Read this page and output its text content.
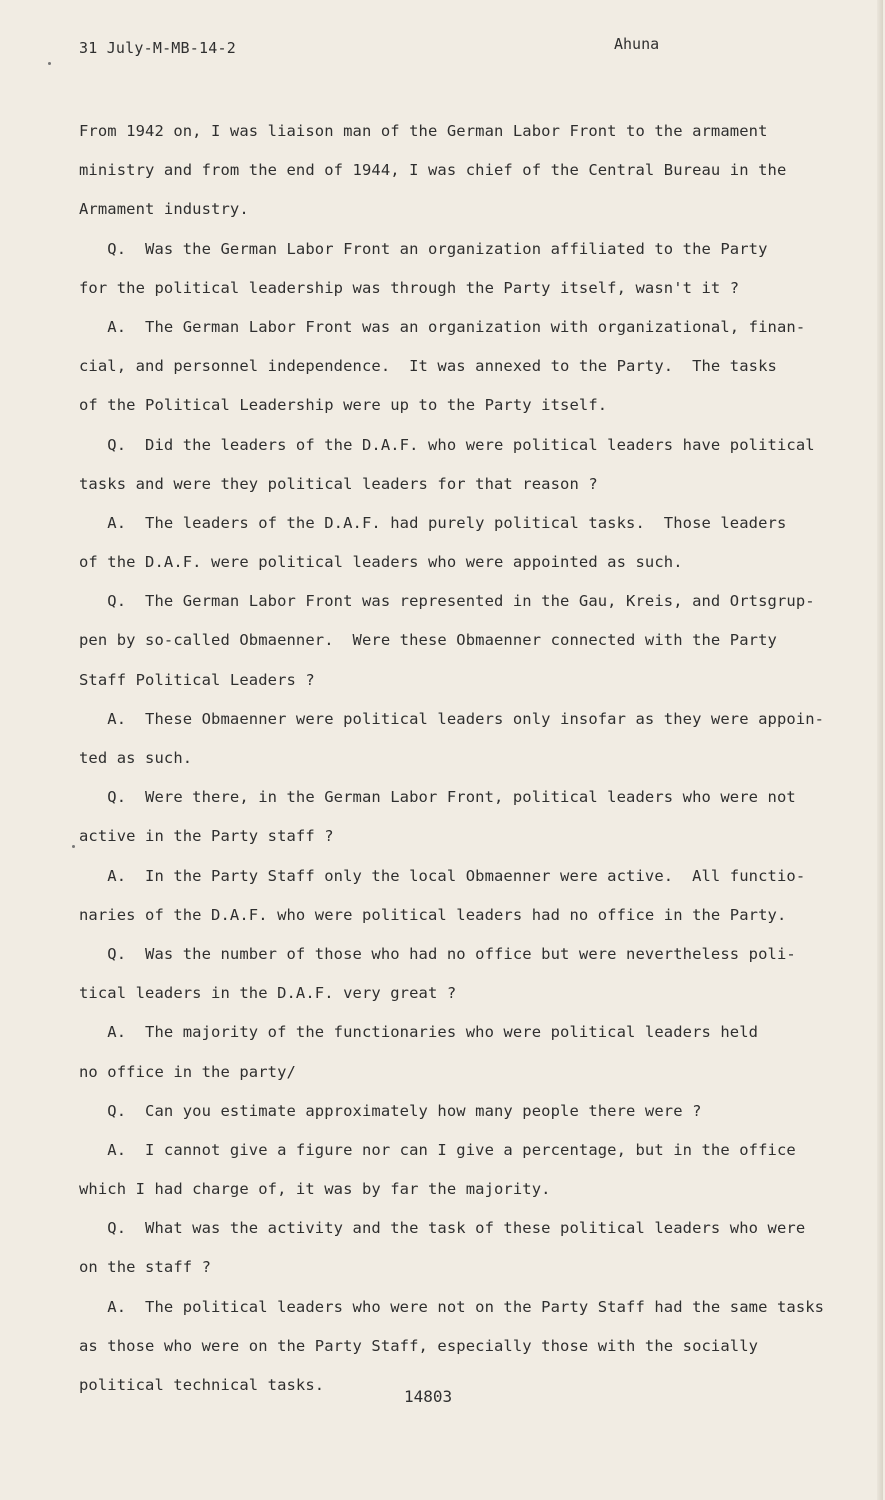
31 July-M-MB-14-2	Ahuna
From 1942 on, I was liaison man of the German Labor Front to the armament
ministry and from the end of 1944, I was chief of the Central Bureau in the
Armament industry.
Q.  Was the German Labor Front an organization affiliated to the Party
for the political leadership was through the Party itself, wasn't it ?
A.  The German Labor Front was an organization with organizational, finan-
cial, and personnel independence.  It was annexed to the Party.  The tasks
of the Political Leadership were up to the Party itself.
Q.  Did the leaders of the D.A.F. who were political leaders have political
tasks and were they political leaders for that reason ?
A.  The leaders of the D.A.F. had purely political tasks.  Those leaders
of the D.A.F. were political leaders who were appointed as such.
Q.  The German Labor Front was represented in the Gau, Kreis, and Ortsgrup-
pen by so-called Obmaenner.  Were these Obmaenner connected with the Party
Staff Political Leaders ?
A.  These Obmaenner were political leaders only insofar as they were appoin-
ted as such.
Q.  Were there, in the German Labor Front, political leaders who were not
active in the Party staff ?
A.  In the Party Staff only the local Obmaenner were active.  All functio-
naries of the D.A.F. who were political leaders had no office in the Party.
Q.  Was the number of those who had no office but were nevertheless poli-
tical leaders in the D.A.F. very great ?
A.  The majority of the functionaries who were political leaders held
no office in the party/
Q.  Can you estimate approximately how many people there were ?
A.  I cannot give a figure nor can I give a percentage, but in the office
which I had charge of, it was by far the majority.
Q.  What was the activity and the task of these political leaders who were
on the staff ?
A.  The political leaders who were not on the Party Staff had the same tasks
as those who were on the Party Staff, especially those with the socially
political technical tasks.
14803
